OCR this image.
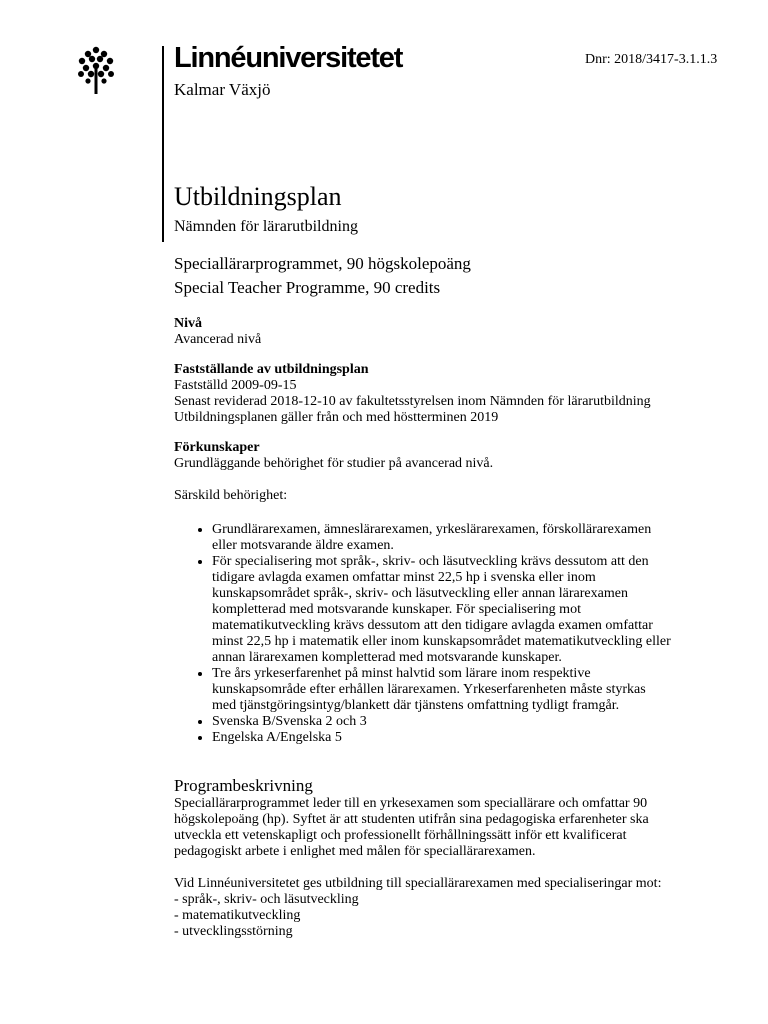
Linnéuniversitetet
Kalmar Växjö
Dnr: 2018/3417-3.1.1.3
Utbildningsplan
Nämnden för lärarutbildning
Speciallärarprogrammet, 90 högskolepoäng
Special Teacher Programme, 90 credits
Nivå
Avancerad nivå
Fastställande av utbildningsplan
Fastställd 2009-09-15
Senast reviderad 2018-12-10 av fakultetsstyrelsen inom Nämnden för lärarutbildning
Utbildningsplanen gäller från och med höstterminen 2019
Förkunskaper
Grundläggande behörighet för studier på avancerad nivå.
Särskild behörighet:
• Grundlärarexamen, ämneslärarexamen, yrkeslärarexamen, förskollärarexamen
eller motsvarande äldre examen.
• För specialisering mot språk-, skriv- och läsutveckling krävs dessutom att den
tidigare avlagda examen omfattar minst 22,5 hp i svenska eller inom
kunskapsområdet språk-, skriv- och läsutveckling eller annan lärarexamen
kompletterad med motsvarande kunskaper. För specialisering mot
matematikutveckling krävs dessutom att den tidigare avlagda examen omfattar
minst 22,5 hp i matematik eller inom kunskapsområdet matematikutveckling eller
annan lärarexamen kompletterad med motsvarande kunskaper.
• Tre års yrkeserfarenhet på minst halvtid som lärare inom respektive
kunskapsområde efter erhållen lärarexamen. Yrkeserfarenheten måste styrkas
med tjänstgöringsintyg/blankett där tjänstens omfattning tydligt framgår.
• Svenska B/Svenska 2 och 3
• Engelska A/Engelska 5
Programbeskrivning
Speciallärarprogrammet leder till en yrkesexamen som speciallärare och omfattar 90
högskolepoäng (hp). Syftet är att studenten utifrån sina pedagogiska erfarenheter ska
utveckla ett vetenskapligt och professionellt förhållningssätt inför ett kvalificerat
pedagogiskt arbete i enlighet med målen för speciallärarexamen.
Vid Linnéuniversitetet ges utbildning till speciallärarexamen med specialiseringar mot:
- språk-, skriv- och läsutveckling
- matematikutveckling
- utvecklingsstörning
